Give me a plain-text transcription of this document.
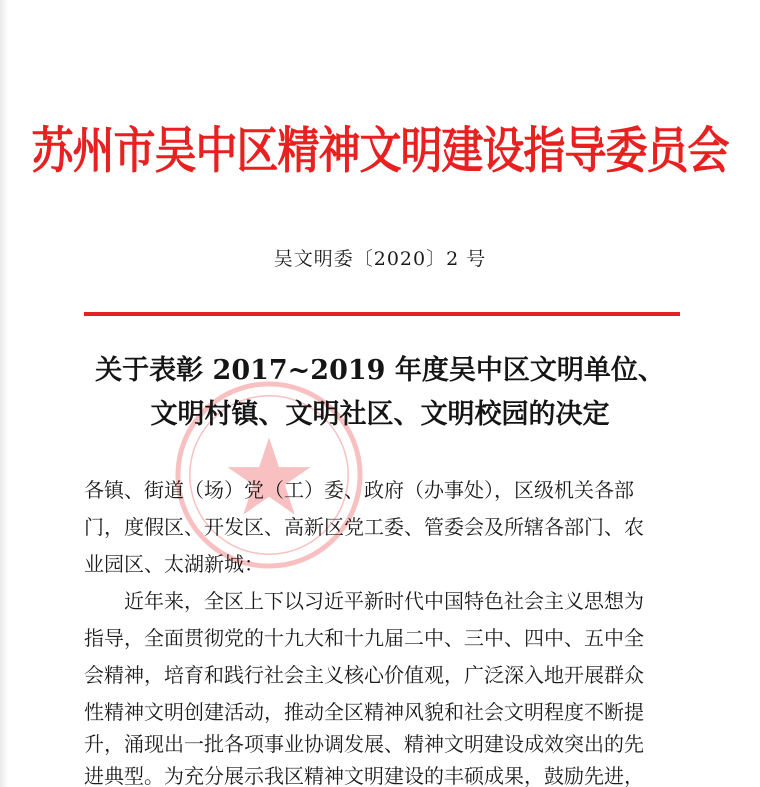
苏州市吴中区精神文明建设指导委员会
吴文明委〔2020〕2 号
关于表彰 2017~2019 年度吴中区文明单位、
文明村镇、文明社区、文明校园的决定
各镇、街道（场）党（工）委、政府（办事处），区级机关各部
门，度假区、开发区、高新区党工委、管委会及所辖各部门、农
业园区、太湖新城：
　　近年来，全区上下以习近平新时代中国特色社会主义思想为
指导，全面贯彻党的十九大和十九届二中、三中、四中、五中全
会精神，培育和践行社会主义核心价值观，广泛深入地开展群众
性精神文明创建活动，推动全区精神风貌和社会文明程度不断提
升，涌现出一批各项事业协调发展、精神文明建设成效突出的先
进典型。为充分展示我区精神文明建设的丰硕成果，鼓励先进，
